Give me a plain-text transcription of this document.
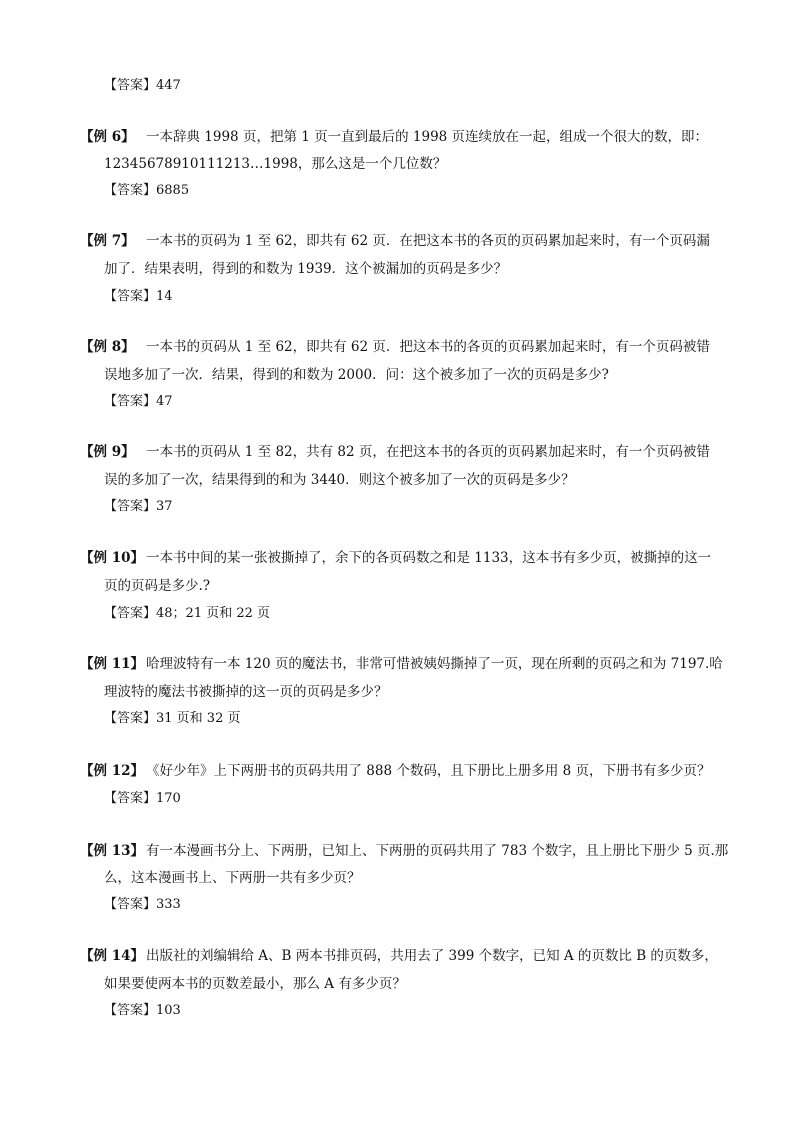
【答案】447
【例 6】 一本辞典 1998 页，把第 1 页一直到最后的 1998 页连续放在一起，组成一个很大的数，即：
12345678910111213…1998，那么这是一个几位数？
【答案】6885
【例 7】 一本书的页码为 1 至 62，即共有 62 页．在把这本书的各页的页码累加起来时，有一个页码漏
加了．结果表明，得到的和数为 1939．这个被漏加的页码是多少？
【答案】14
【例 8】 一本书的页码从 1 至 62，即共有 62 页．把这本书的各页的页码累加起来时，有一个页码被错
误地多加了一次．结果，得到的和数为 2000．问：这个被多加了一次的页码是多少?
【答案】47
【例 9】 一本书的页码从 1 至 82，共有 82 页，在把这本书的各页的页码累加起来时，有一个页码被错
误的多加了一次，结果得到的和为 3440．则这个被多加了一次的页码是多少？
【答案】37
【例 10】 一本书中间的某一张被撕掉了，余下的各页码数之和是 1133，这本书有多少页，被撕掉的这一
页的页码是多少.?
【答案】48；21 页和 22 页
【例 11】 哈理波特有一本 120 页的魔法书，非常可惜被姨妈撕掉了一页，现在所剩的页码之和为 7197.哈
理波特的魔法书被撕掉的这一页的页码是多少？
【答案】31 页和 32 页
【例 12】 《好少年》上下两册书的页码共用了 888 个数码，且下册比上册多用 8 页，下册书有多少页？
【答案】170
【例 13】 有一本漫画书分上、下两册，已知上、下两册的页码共用了 783 个数字，且上册比下册少 5 页.那
么，这本漫画书上、下两册一共有多少页？
【答案】333
【例 14】 出版社的刘编辑给 A、B 两本书排页码，共用去了 399 个数字，已知 A 的页数比 B 的页数多，
如果要使两本书的页数差最小，那么 A 有多少页？
【答案】103
